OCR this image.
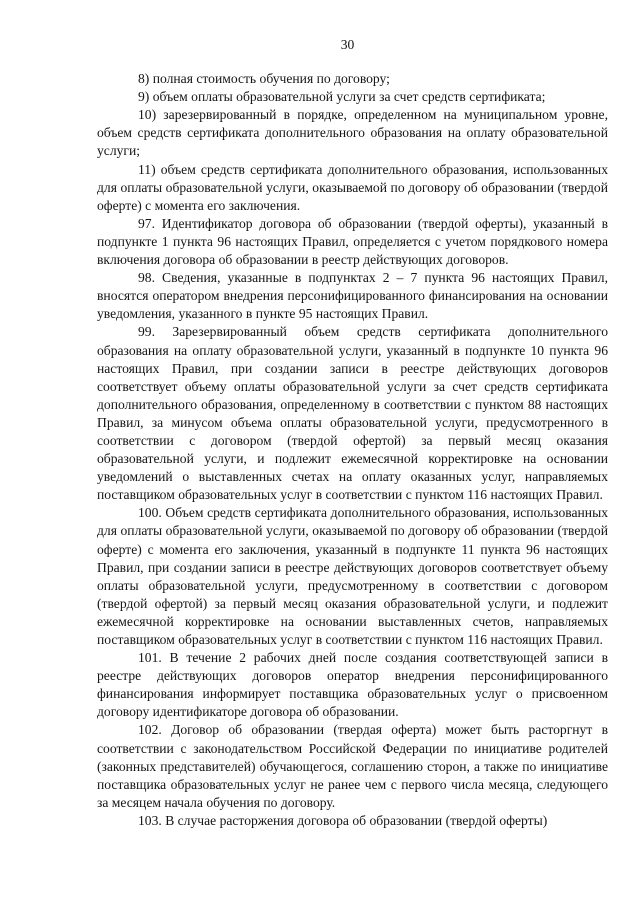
30

8) полная стоимость обучения по договору;

9) объем оплаты образовательной услуги за счет средств сертификата;

10) зарезервированный в порядке, определенном на муниципальном уровне, объем средств сертификата дополнительного образования на оплату образовательной услуги;

11) объем средств сертификата дополнительного образования, использованных для оплаты образовательной услуги, оказываемой по договору об образовании (твердой оферте) с момента его заключения.

97. Идентификатор договора об образовании (твердой оферты), указанный в подпункте 1 пункта 96 настоящих Правил, определяется с учетом порядкового номера включения договора об образовании в реестр действующих договоров.

98. Сведения, указанные в подпунктах 2 – 7 пункта 96 настоящих Правил, вносятся оператором внедрения персонифицированного финансирования на основании уведомления, указанного в пункте 95 настоящих Правил.

99. Зарезервированный объем средств сертификата дополнительного образования на оплату образовательной услуги, указанный в подпункте 10 пункта 96 настоящих Правил, при создании записи в реестре действующих договоров соответствует объему оплаты образовательной услуги за счет средств сертификата дополнительного образования, определенному в соответствии с пунктом 88 настоящих Правил, за минусом объема оплаты образовательной услуги, предусмотренного в соответствии с договором (твердой офертой) за первый месяц оказания образовательной услуги, и подлежит ежемесячной корректировке на основании уведомлений о выставленных счетах на оплату оказанных услуг, направляемых поставщиком образовательных услуг в соответствии с пунктом 116 настоящих Правил.

100. Объем средств сертификата дополнительного образования, использованных для оплаты образовательной услуги, оказываемой по договору об образовании (твердой оферте) с момента его заключения, указанный в подпункте 11 пункта 96 настоящих Правил, при создании записи в реестре действующих договоров соответствует объему оплаты образовательной услуги, предусмотренному в соответствии с договором (твердой офертой) за первый месяц оказания образовательной услуги, и подлежит ежемесячной корректировке на основании выставленных счетов, направляемых поставщиком образовательных услуг в соответствии с пунктом 116 настоящих Правил.

101. В течение 2 рабочих дней после создания соответствующей записи в реестре действующих договоров оператор внедрения персонифицированного финансирования информирует поставщика образовательных услуг о присвоенном договору идентификаторе договора об образовании.

102. Договор об образовании (твердая оферта) может быть расторгнут в соответствии с законодательством Российской Федерации по инициативе родителей (законных представителей) обучающегося, соглашению сторон, а также по инициативе поставщика образовательных услуг не ранее чем с первого числа месяца, следующего за месяцем начала обучения по договору.

103. В случае расторжения договора об образовании (твердой оферты)
